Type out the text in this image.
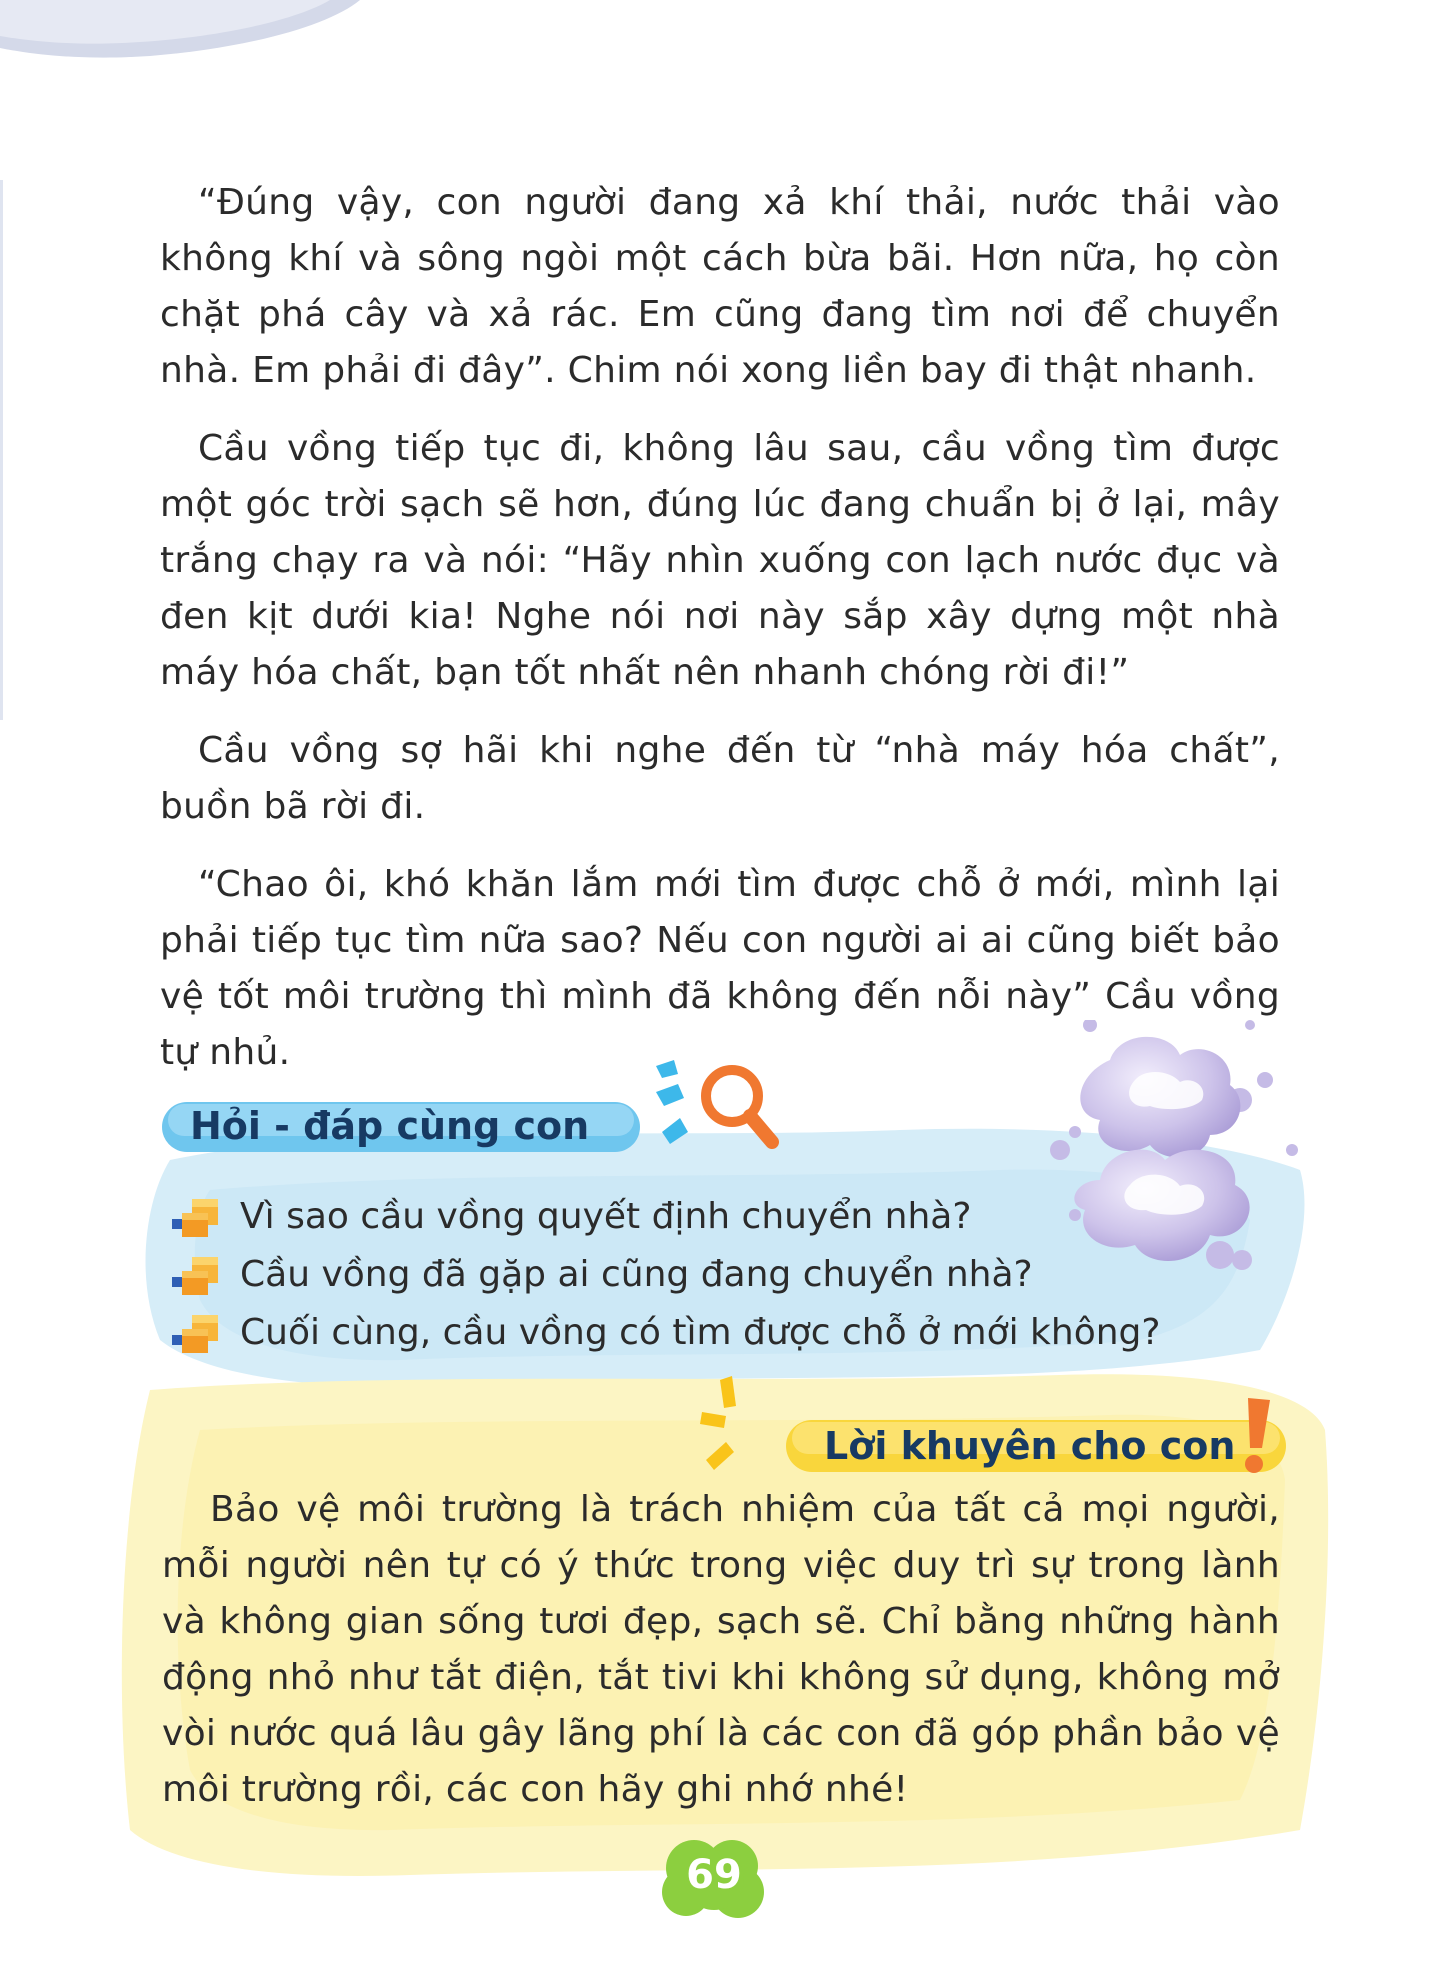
“Đúng vậy, con người đang xả khí thải, nước thải vào không khí và sông ngòi một cách bừa bãi. Hơn nữa, họ còn chặt phá cây và xả rác. Em cũng đang tìm nơi để chuyển nhà. Em phải đi đây”. Chim nói xong liền bay đi thật nhanh.

Cầu vồng tiếp tục đi, không lâu sau, cầu vồng tìm được một góc trời sạch sẽ hơn, đúng lúc đang chuẩn bị ở lại, mây trắng chạy ra và nói: “Hãy nhìn xuống con lạch nước đục và đen kịt dưới kia! Nghe nói nơi này sắp xây dựng một nhà máy hóa chất, bạn tốt nhất nên nhanh chóng rời đi!”

Cầu vồng sợ hãi khi nghe đến từ “nhà máy hóa chất”, buồn bã rời đi.

“Chao ôi, khó khăn lắm mới tìm được chỗ ở mới, mình lại phải tiếp tục tìm nữa sao? Nếu con người ai ai cũng biết bảo vệ tốt môi trường thì mình đã không đến nỗi này” Cầu vồng tự nhủ.

Hỏi - đáp cùng con
Vì sao cầu vồng quyết định chuyển nhà?
Cầu vồng đã gặp ai cũng đang chuyển nhà?
Cuối cùng, cầu vồng có tìm được chỗ ở mới không?
Lời khuyên cho con

Bảo vệ môi trường là trách nhiệm của tất cả mọi người, mỗi người nên tự có ý thức trong việc duy trì sự trong lành và không gian sống tươi đẹp, sạch sẽ. Chỉ bằng những hành động nhỏ như tắt điện, tắt tivi khi không sử dụng, không mở vòi nước quá lâu gây lãng phí là các con đã góp phần bảo vệ môi trường rồi, các con hãy ghi nhớ nhé!

69
